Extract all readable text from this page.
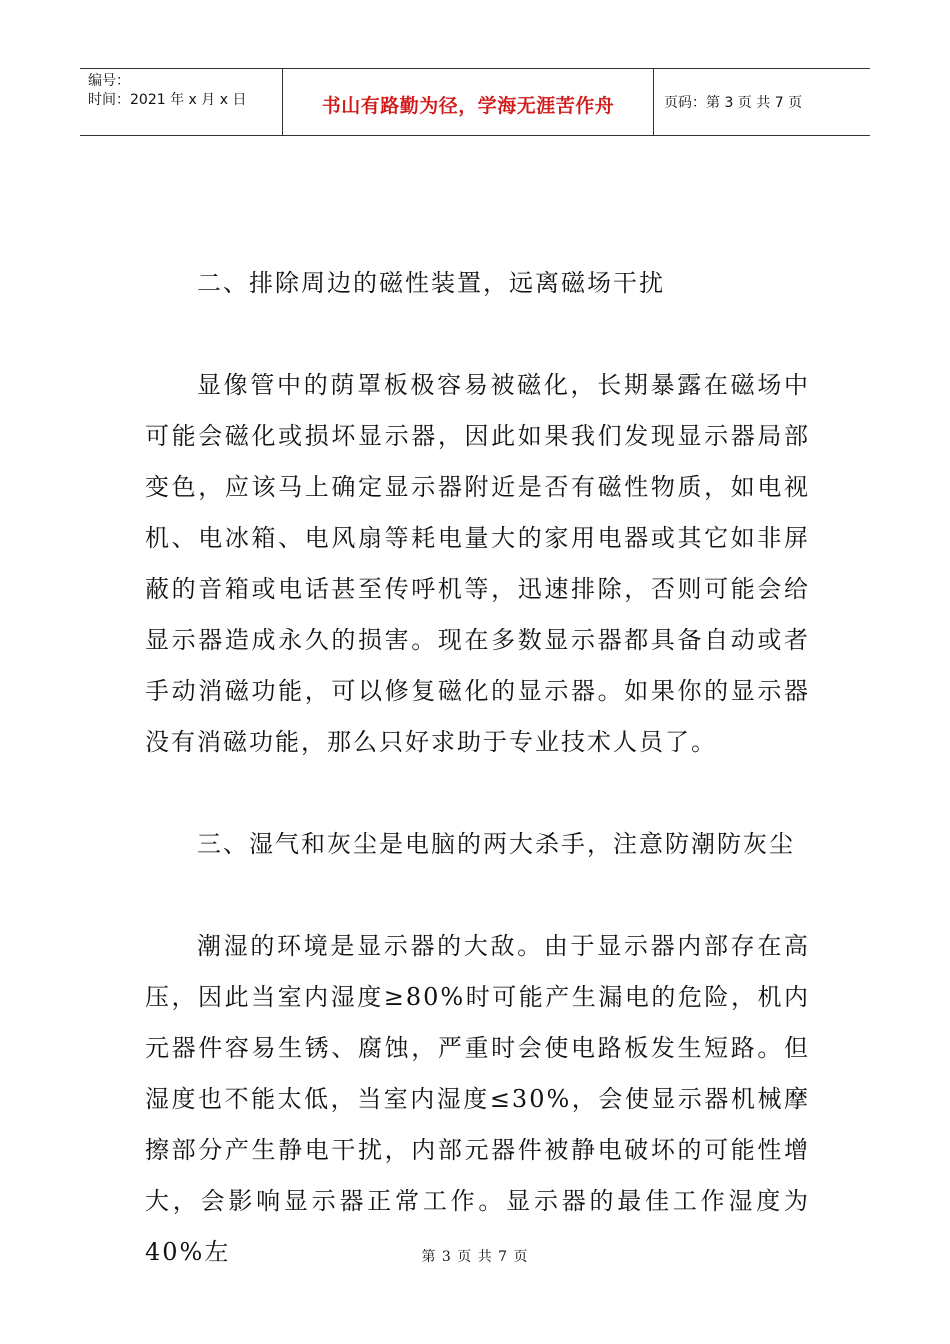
编号：
时间：2021 年 x 月 x 日	书山有路勤为径，学海无涯苦作舟	页码：第 3 页 共 7 页

二、排除周边的磁性装置，远离磁场干扰

显像管中的荫罩板极容易被磁化，长期暴露在磁场中可能会磁化或损坏显示器，因此如果我们发现显示器局部变色，应该马上确定显示器附近是否有磁性物质，如电视机、电冰箱、电风扇等耗电量大的家用电器或其它如非屏蔽的音箱或电话甚至传呼机等，迅速排除，否则可能会给显示器造成永久的损害。现在多数显示器都具备自动或者手动消磁功能，可以修复磁化的显示器。如果你的显示器没有消磁功能，那么只好求助于专业技术人员了。

三、湿气和灰尘是电脑的两大杀手，注意防潮防灰尘

潮湿的环境是显示器的大敌。由于显示器内部存在高压，因此当室内湿度≥80%时可能产生漏电的危险，机内元器件容易生锈、腐蚀，严重时会使电路板发生短路。但湿度也不能太低，当室内湿度≤30%，会使显示器机械摩擦部分产生静电干扰，内部元器件被静电破坏的可能性增大，会影响显示器正常工作。显示器的最佳工作湿度为 40%左	第 3 页 共 7 页
